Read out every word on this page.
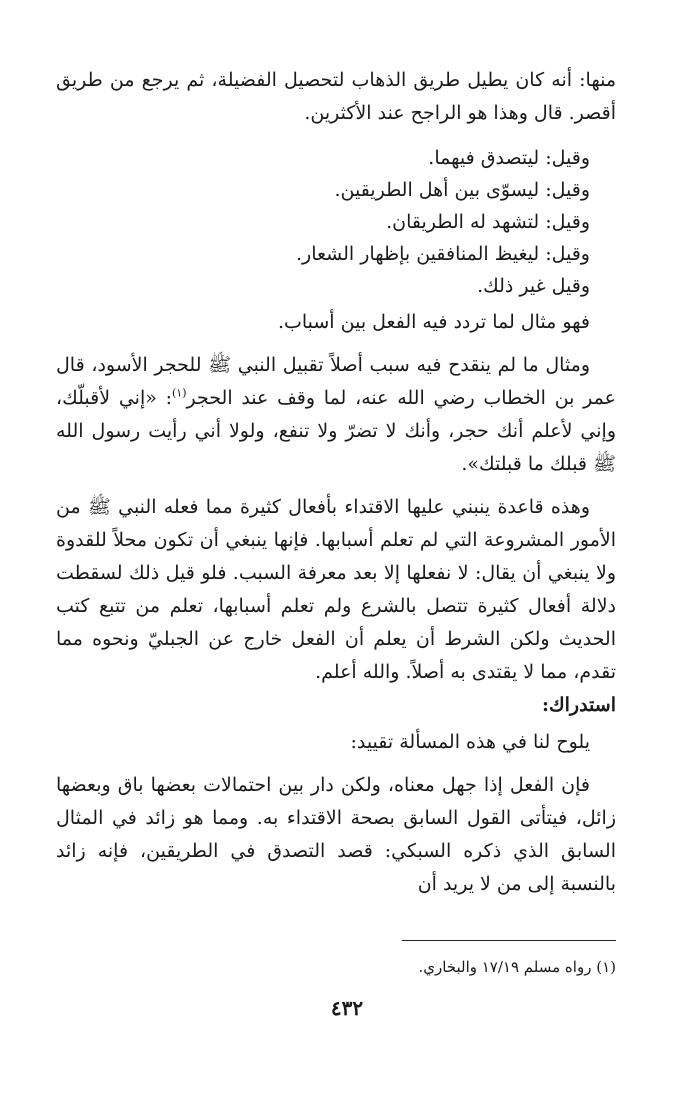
منها: أنه كان يطيل طريق الذهاب لتحصيل الفضيلة، ثم يرجع من طريق أقصر. قال وهذا هو الراجح عند الأكثرين.

وقيل: ليتصدق فيهما.
وقيل: ليسوّى بين أهل الطريقين.
وقيل: لتشهد له الطريقان.
وقيل: ليغيظ المنافقين بإظهار الشعار.
وقيل غير ذلك.

فهو مثال لما تردد فيه الفعل بين أسباب.

ومثال ما لم ينقدح فيه سبب أصلاً تقبيل النبي ﷺ للحجر الأسود، قال عمر بن الخطاب رضي الله عنه، لما وقف عند الحجر$^{(١)}$: «إني لأقبلّك، وإني لأعلم أنك حجر، وأنك لا تضرّ ولا تنفع، ولولا أني رأيت رسول الله ﷺ قبلك ما قبلتك».

وهذه قاعدة ينبني عليها الاقتداء بأفعال كثيرة مما فعله النبي ﷺ من الأمور المشروعة التي لم تعلم أسبابها. فإنها ينبغي أن تكون محلاً للقدوة ولا ينبغي أن يقال: لا نفعلها إلا بعد معرفة السبب. فلو قيل ذلك لسقطت دلالة أفعال كثيرة تتصل بالشرع ولم تعلم أسبابها، تعلم من تتبع كتب الحديث ولكن الشرط أن يعلم أن الفعل خارج عن الجبليّ ونحوه مما تقدم، مما لا يقتدى به أصلاً. والله أعلم.

استدراك:

يلوح لنا في هذه المسألة تقييد:

فإن الفعل إذا جهل معناه، ولكن دار بين احتمالات بعضها باق وبعضها زائل، فيتأتى القول السابق بصحة الاقتداء به. ومما هو زائد في المثال السابق الذي ذكره السبكي: قصد التصدق في الطريقين، فإنه زائد بالنسبة إلى من لا يريد أن

(١) رواه مسلم ١٧/١٩ والبخاري.

٤٣٢
